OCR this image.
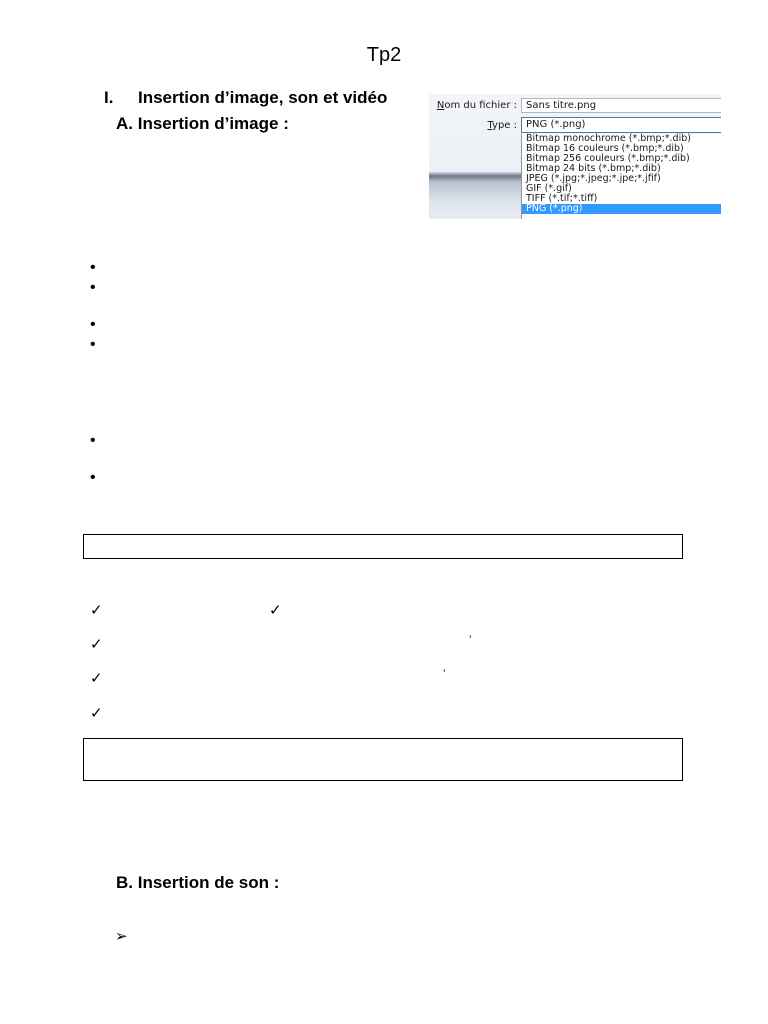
Tp2
I. Insertion d’image, son et vidéo
A. Insertion d’image :
Nom du fichier : Sans titre.png
Type : PNG (*.png)
Bitmap monochrome (*.bmp;*.dib)
Bitmap 16 couleurs (*.bmp;*.dib)
Bitmap 256 couleurs (*.bmp;*.dib)
Bitmap 24 bits (*.bmp;*.dib)
JPEG (*.jpg;*.jpeg;*.jpe;*.jfif)
GIF (*.gif)
TIFF (*.tif;*.tiff)
PNG (*.png)
•
•
•
•
•
•
✓	✓
✓	’
✓	’
✓
B. Insertion de son :
➢
